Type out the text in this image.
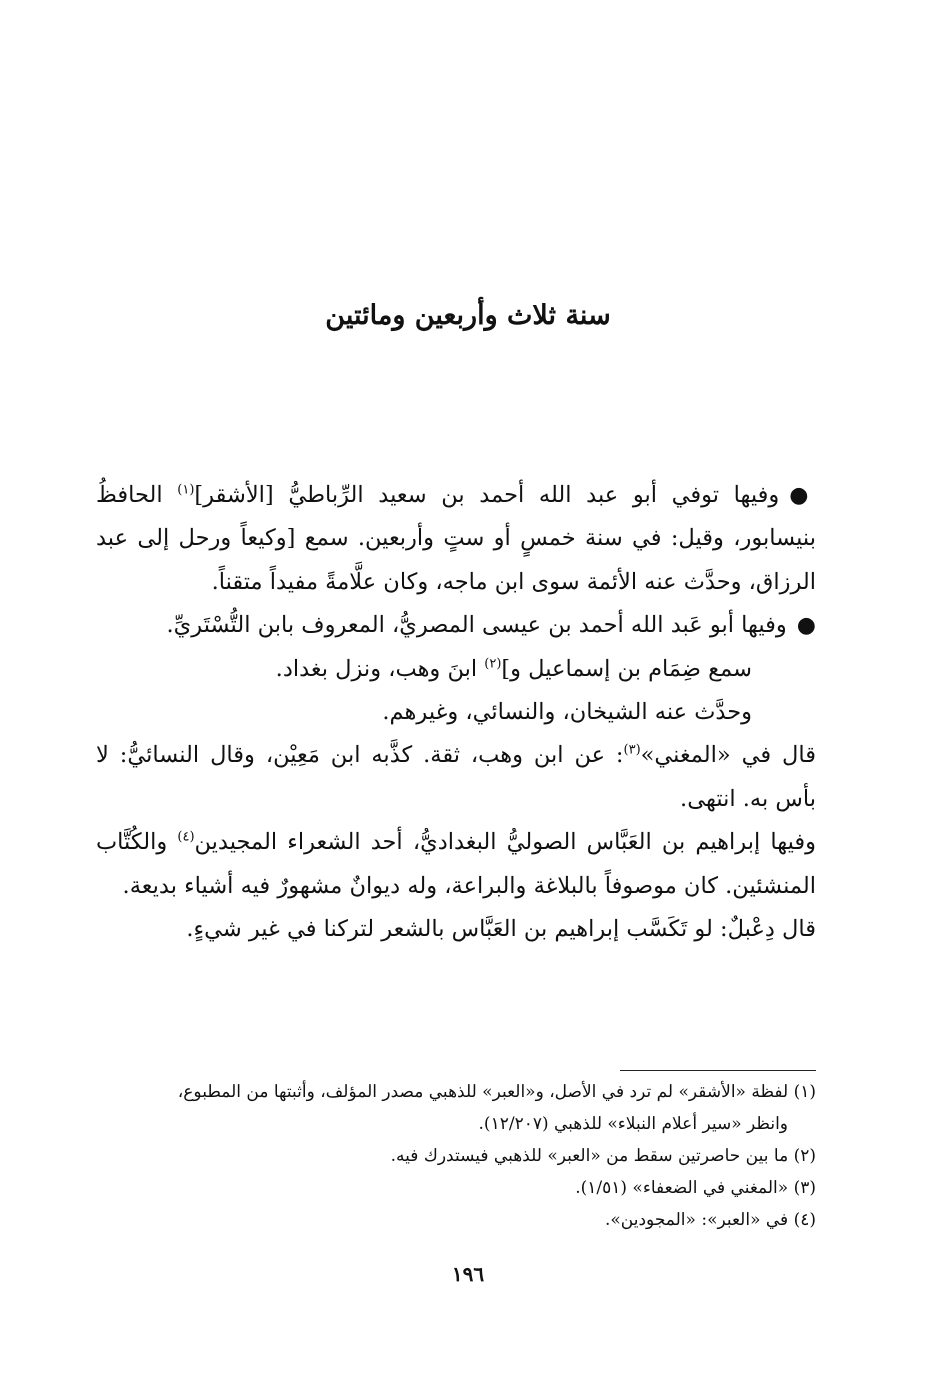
سنة ثلاث وأربعين ومائتين

●وفيها توفي أبو عبد الله أحمد بن سعيد الرِّباطيُّ [الأشقر]$^{(١)}$ الحافظُ بنيسابور، وقيل: في سنة خمسٍ أو ستٍ وأربعين. سمع [وكيعاً ورحل إلى عبد الرزاق، وحدَّث عنه الأئمة سوى ابن ماجه، وكان علَّامةً مفيداً متقناً.

●وفيها أبو عَبد الله أحمد بن عيسى المصريُّ، المعروف بابن التُّسْتَريِّ.

سمع ضِمَام بن إسماعيل و]$^{(٢)}$ ابنَ وهب، ونزل بغداد.

وحدَّث عنه الشيخان، والنسائي، وغيرهم.

قال في «المغني»$^{(٣)}$: عن ابن وهب، ثقة. كذَّبه ابن مَعِيْن، وقال النسائيُّ: لا بأس به. انتهى.

وفيها إبراهيم بن العَبَّاس الصوليُّ البغداديُّ، أحد الشعراء المجيدين$^{(٤)}$ والكُتَّاب المنشئين. كان موصوفاً بالبلاغة والبراعة، وله ديوانٌ مشهورٌ فيه أشياء بديعة.

قال دِعْبلٌ: لو تَكَسَّب إبراهيم بن العَبَّاس بالشعر لتركنا في غير شيءٍ.

(١) لفظة «الأشقر» لم ترد في الأصل، و«العبر» للذهبي مصدر المؤلف، وأثبتها من المطبوع،

وانظر «سير أعلام النبلاء» للذهبي (١٢/٢٠٧).

(٢) ما بين حاصرتين سقط من «العبر» للذهبي فيستدرك فيه.

(٣) «المغني في الضعفاء» (١/٥١).

(٤) في «العبر»: «المجودين».

١٩٦
